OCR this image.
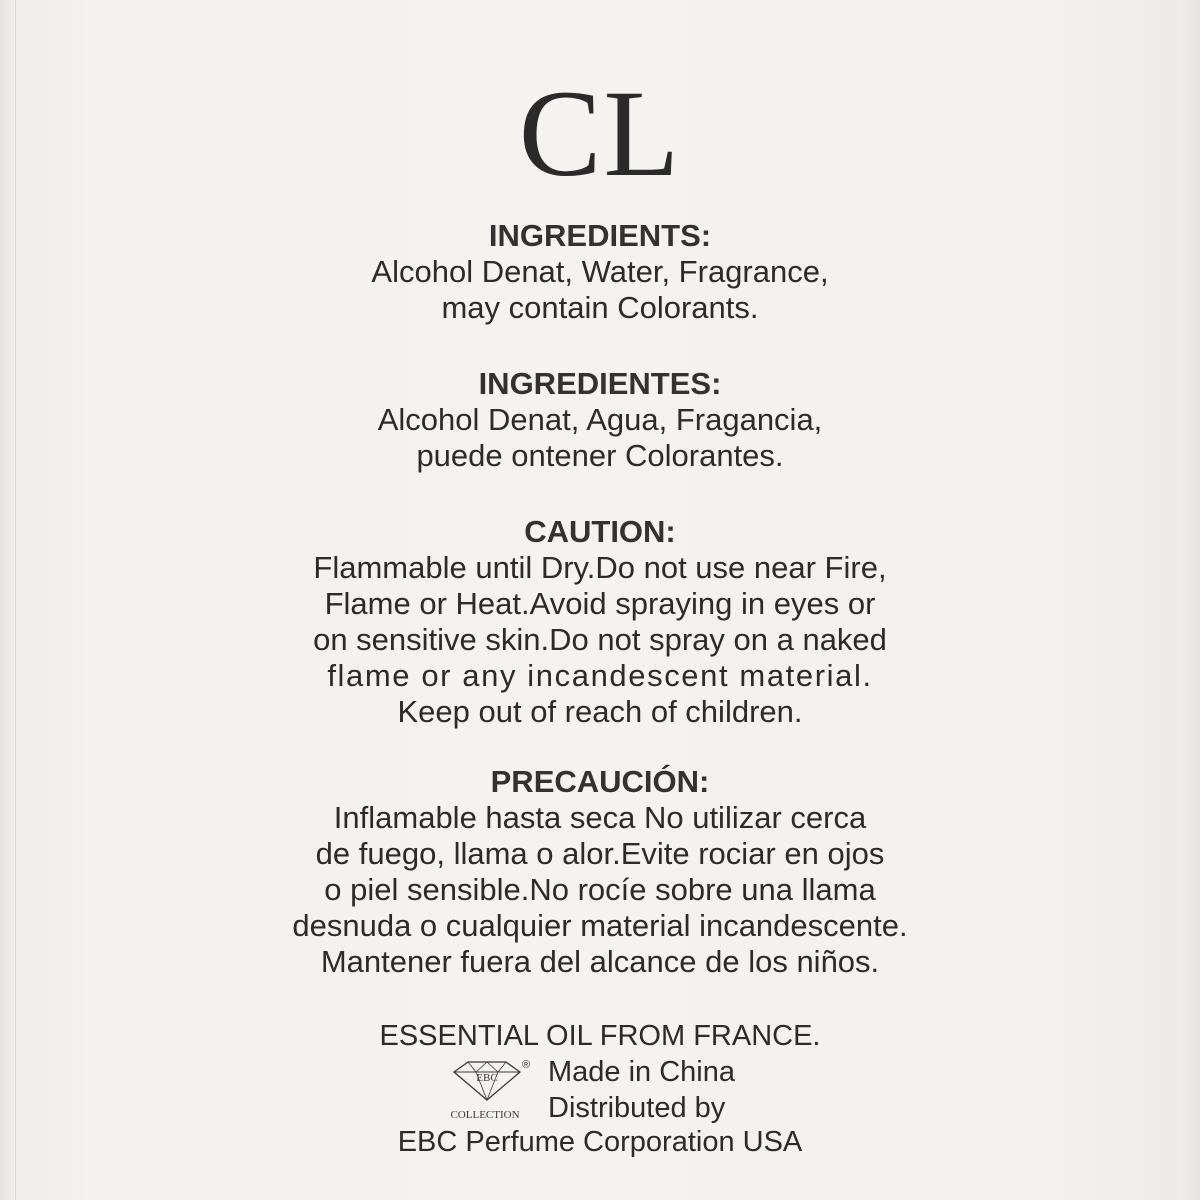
CL
INGREDIENTS:
Alcohol Denat, Water, Fragrance,
may contain Colorants.
INGREDIENTES:
Alcohol Denat, Agua, Fragancia,
puede ontener Colorantes.
CAUTION:
Flammable until Dry.Do not use near Fire,
Flame or Heat.Avoid spraying in eyes or
on sensitive skin.Do not spray on a naked
flame or any incandescent material.
Keep out of reach of children.
PRECAUCIÓN:
Inflamable hasta seca No utilizar cerca
de fuego, llama o alor.Evite rociar en ojos
o piel sensible.No rocíe sobre una llama
desnuda o cualquier material incandescente.
Mantener fuera del alcance de los niños.
ESSENTIAL OIL FROM FRANCE.
EBC
®
COLLECTION
Made in China
Distributed by
EBC Perfume Corporation USA
